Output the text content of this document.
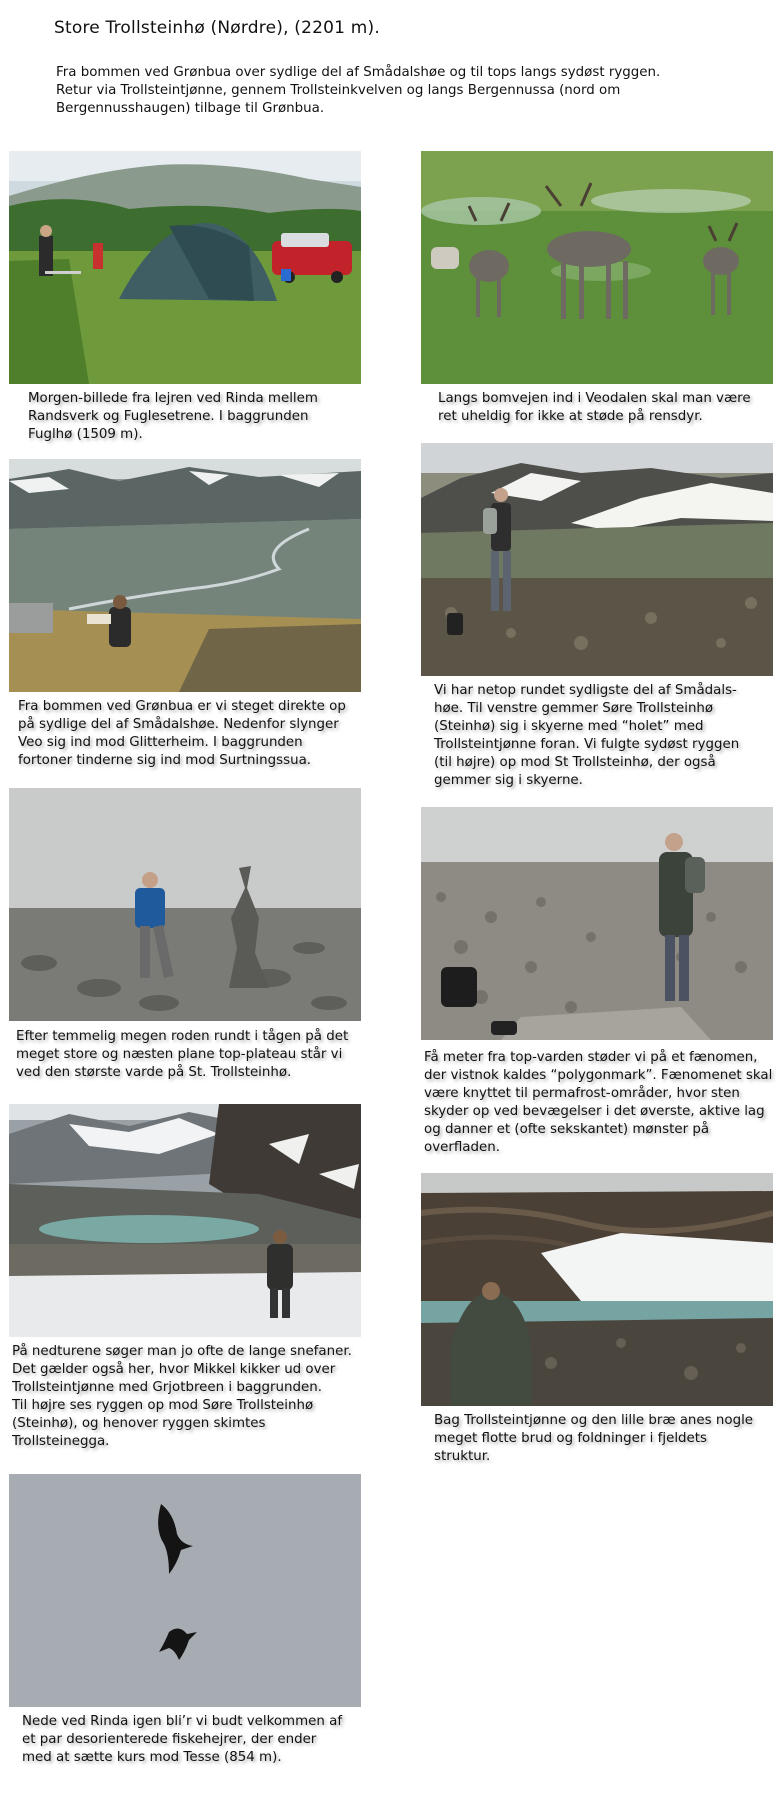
Store Trollsteinhø (Nørdre), (2201 m).
Fra bommen ved Grønbua over sydlige del af Smådalshøe og til tops langs sydøst ryggen.
Retur via Trollsteintjønne, gennem Trollsteinkvelven og langs Bergennussa (nord om Bergennusshaugen) tilbage til Grønbua.
Morgen-billede fra lejren ved Rinda mellem
Randsverk og Fuglesetrene. I baggrunden
Fuglhø (1509 m).
Langs bomvejen ind i Veodalen skal man være
ret uheldig for ikke at støde på rensdyr.
Fra bommen ved Grønbua er vi steget direkte op
på sydlige del af Smådalshøe. Nedenfor slynger
Veo sig ind mod Glitterheim. I baggrunden
fortoner tinderne sig ind mod Surtningssua.
Vi har netop rundet sydligste del af Smådals-
høe. Til venstre gemmer Søre Trollsteinhø
(Steinhø) sig i skyerne med “holet” med
Trollsteintjønne foran. Vi fulgte sydøst ryggen
(til højre) op mod St Trollsteinhø, der også
gemmer sig i skyerne.
Efter temmelig megen roden rundt i tågen på det
meget store og næsten plane top-plateau står vi
ved den største varde på St. Trollsteinhø.
Få meter fra top-varden støder vi på et fænomen,
der vistnok kaldes “polygonmark”. Fænomenet skal
være knyttet til permafrost-områder, hvor sten
skyder op ved bevægelser i det øverste, aktive lag
og danner et (ofte sekskantet) mønster på
overfladen.
På nedturene søger man jo ofte de lange snefaner.
Det gælder også her, hvor Mikkel kikker ud over
Trollsteintjønne med Grjotbreen i baggrunden.
Til højre ses ryggen op mod Søre Trollsteinhø
(Steinhø), og henover ryggen skimtes
Trollsteinegga.
Bag Trollsteintjønne og den lille bræ anes nogle
meget flotte brud og foldninger i fjeldets
struktur.
Nede ved Rinda igen bli’r vi budt velkommen af
et par desorienterede fiskehejrer, der ender
med at sætte kurs mod Tesse (854 m).
